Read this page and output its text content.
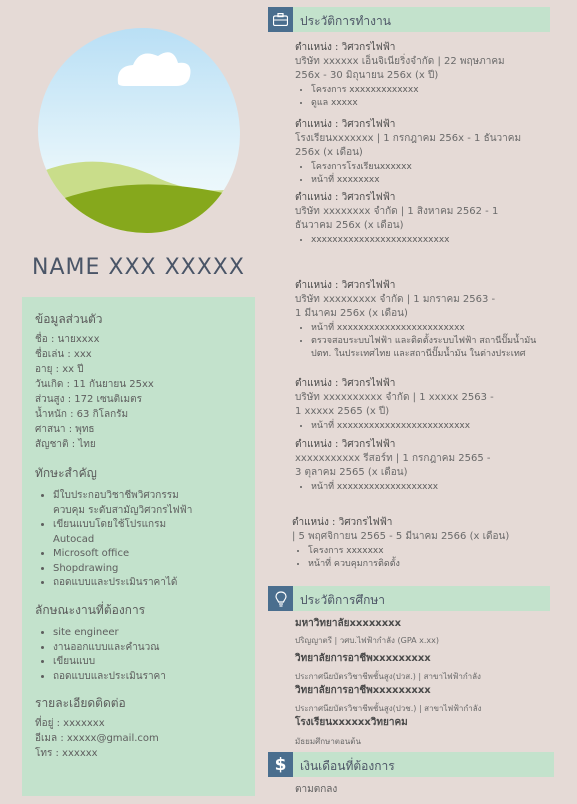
NAME XXX XXXXX
ข้อมูลส่วนตัว
ชื่อ : นายxxxx
ชื่อเล่น : xxx
อายุ : xx ปี
วันเกิด : 11 กันยายน 25xx
ส่วนสูง : 172 เซนติเมตร
น้ำหนัก : 63 กิโลกรัม
ศาสนา : พุทธ
สัญชาติ : ไทย
ทักษะสำคัญ
• มีใบประกอบวิชาชีพวิศวกรรม
ควบคุม ระดับสามัญวิศวกรไฟฟ้า
• เขียนแบบโดยใช้โปรแกรม
Autocad
• Microsoft office
• Shopdrawing
• ถอดแบบและประเมินราคาได้
ลักษณะงานที่ต้องการ
• site engineer
• งานออกแบบและคำนวณ
• เขียนแบบ
• ถอดแบบและประเมินราคา
รายละเอียดติดต่อ
ที่อยู่ : xxxxxxx
อีเมล : xxxxx@gmail.com
โทร : xxxxxx
ประวัติการทำงาน
ตำแหน่ง : วิศวกรไฟฟ้า
บริษัท xxxxxx เอ็นจิเนียริ่งจำกัด | 22 พฤษภาคม
256x - 30 มิถุนายน 256x (x ปี)
• โครงการ xxxxxxxxxxxxx
• ดูแล xxxxx
ตำแหน่ง : วิศวกรไฟฟ้า
โรงเรียนxxxxxxx | 1 กรกฎาคม 256x - 1 ธันวาคม
256x (x เดือน)
• โครงการโรงเรียนxxxxxx
• หน้าที่ xxxxxxxx
ตำแหน่ง : วิศวกรไฟฟ้า
บริษัท xxxxxxxx จำกัด | 1 สิงหาคม 2562 - 1
ธันวาคม 256x (x เดือน)
• xxxxxxxxxxxxxxxxxxxxxxxxxx
ตำแหน่ง : วิศวกรไฟฟ้า
บริษัท xxxxxxxxx จำกัด | 1 มกราคม 2563 -
1 มีนาคม 256x (x เดือน)
• หน้าที่ xxxxxxxxxxxxxxxxxxxxxxxx
• ตรวจสอบระบบไฟฟ้า และติดตั้งระบบไฟฟ้า สถานีปั๊มน้ำมัน ปตท. ในประเทศไทย และสถานีปั๊มน้ำมัน ในต่างประเทศ
ตำแหน่ง : วิศวกรไฟฟ้า
บริษัท xxxxxxxxxx จำกัด | 1 xxxxx 2563 -
1 xxxxx 2565 (x ปี)
• หน้าที่ xxxxxxxxxxxxxxxxxxxxxxxxx
ตำแหน่ง : วิศวกรไฟฟ้า
xxxxxxxxxxx รีสอร์ท | 1 กรกฎาคม 2565 -
3 ตุลาคม 2565 (x เดือน)
• หน้าที่ xxxxxxxxxxxxxxxxxxx
ตำแหน่ง : วิศวกรไฟฟ้า
| 5 พฤศจิกายน 2565 - 5 มีนาคม 2566 (x เดือน)
• โครงการ xxxxxxx
• หน้าที่ ควบคุมการติดตั้ง
ประวัติการศึกษา
มหาวิทยาลัยxxxxxxxx
ปริญญาตรี | วศบ.ไฟฟ้ากำลัง (GPA x.xx)
วิทยาลัยการอาชีพxxxxxxxxx
ประกาศนียบัตรวิชาชีพชั้นสูง(ปวส.) | สาขาไฟฟ้ากำลัง
วิทยาลัยการอาชีพxxxxxxxxx
ประกาศนียบัตรวิชาชีพชั้นสูง(ปวช.) | สาขาไฟฟ้ากำลัง
โรงเรียนxxxxxxวิทยาคม
มัธยมศึกษาตอนต้น
$	เงินเดือนที่ต้องการ
ตามตกลง
